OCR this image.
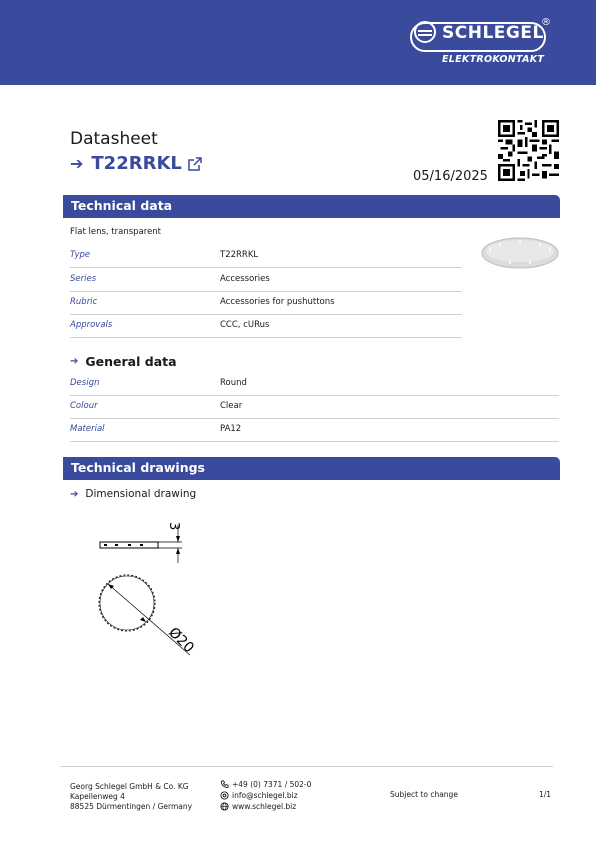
SCHLEGEL
®
ELEKTROKONTAKT
Datasheet
➔ T22RRKL
05/16/2025
Technical data
Flat lens, transparent
Type	T22RRKL
Series	Accessories
Rubric	Accessories for pushuttons
Approvals	CCC, cURus
➔ General data
Design	Round
Colour	Clear
Material	PA12
Technical drawings
➔ Dimensional drawing
3
Ø20
Georg Schlegel GmbH & Co. KG
Kapellenweg 4
88525 Dürmentingen / Germany
+49 (0) 7371 / 502-0
info@schlegel.biz
www.schlegel.biz
Subject to change	1/1
